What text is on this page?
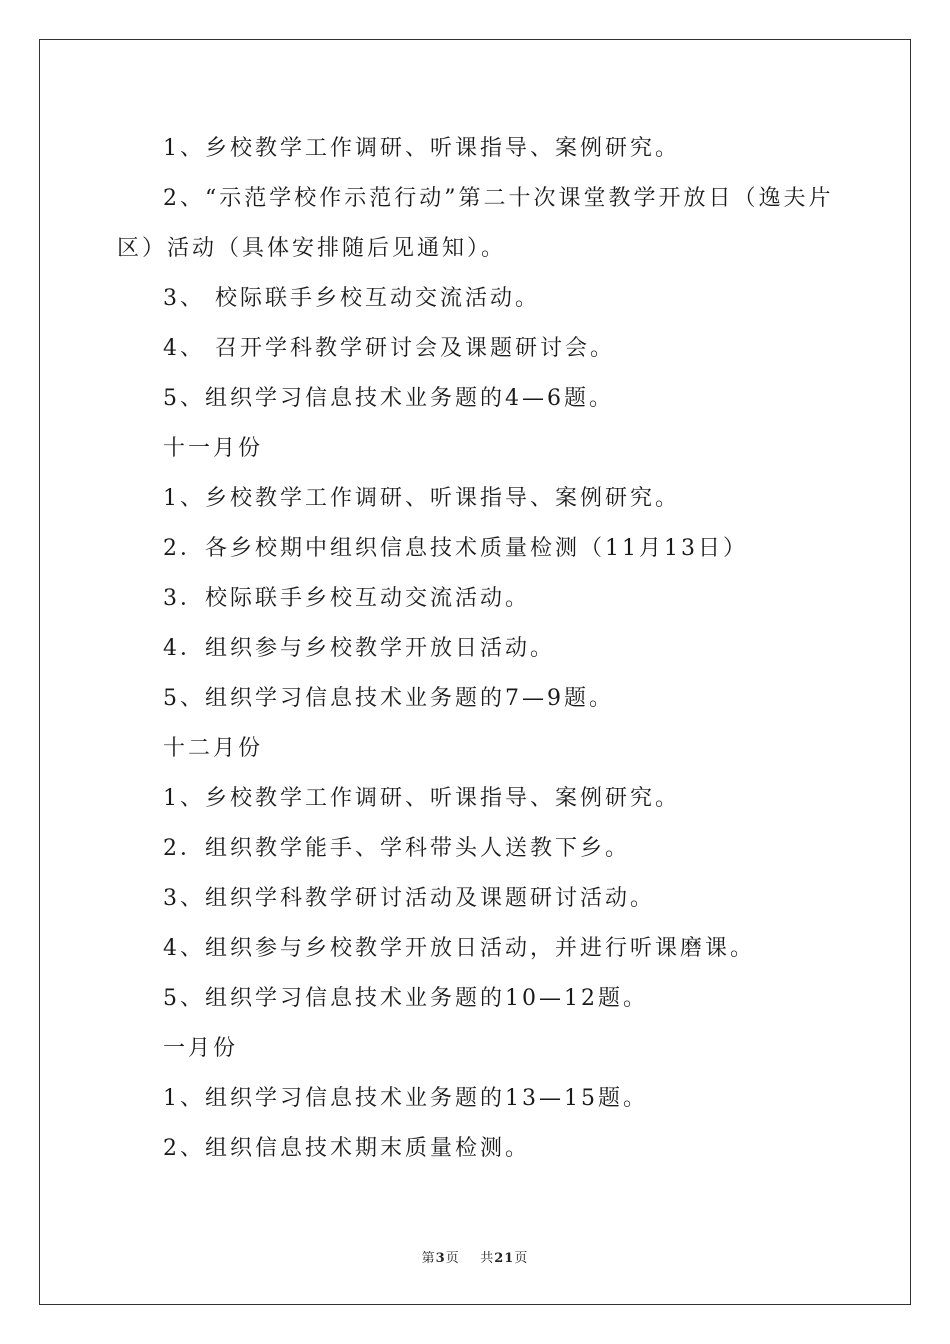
1、乡校教学工作调研、听课指导、案例研究。

2、“示范学校作示范行动”第二十次课堂教学开放日（逸夫片区）活动（具体安排随后见通知）。

3、 校际联手乡校互动交流活动。

4、 召开学科教学研讨会及课题研讨会。

5、组织学习信息技术业务题的4—6题。

十一月份

1、乡校教学工作调研、听课指导、案例研究。

2．各乡校期中组织信息技术质量检测（11月13日）

3．校际联手乡校互动交流活动。

4．组织参与乡校教学开放日活动。

5、组织学习信息技术业务题的7—9题。

十二月份

1、乡校教学工作调研、听课指导、案例研究。

2．组织教学能手、学科带头人送教下乡。

3、组织学科教学研讨活动及课题研讨活动。

4、组织参与乡校教学开放日活动，并进行听课磨课。

5、组织学习信息技术业务题的10—12题。

一月份

1、组织学习信息技术业务题的13—15题。

2、组织信息技术期末质量检测。

第3页 共21页
